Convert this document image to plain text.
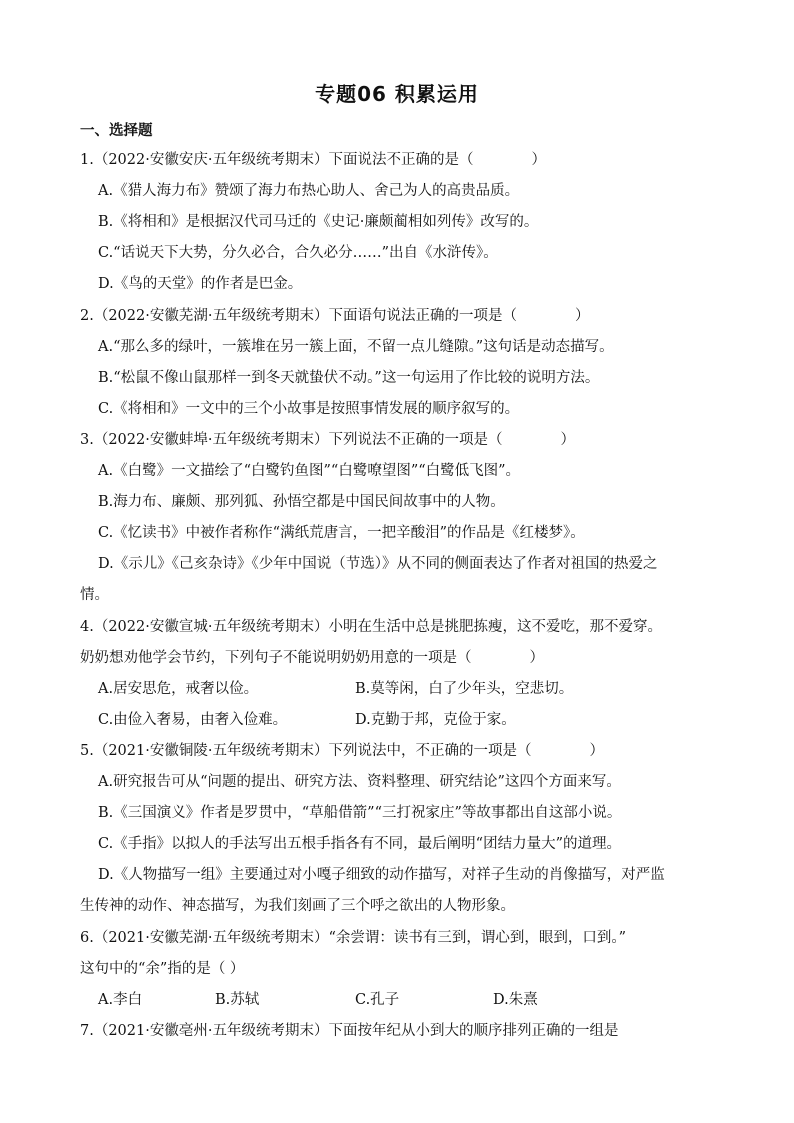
专题06 积累运用
一、选择题
1.（2022·安徽安庆·五年级统考期末）下面说法不正确的是（　　　　）
A.《猎人海力布》赞颂了海力布热心助人、舍己为人的高贵品质。
B.《将相和》是根据汉代司马迁的《史记·廉颇蔺相如列传》改写的。
C.“话说天下大势，分久必合，合久必分……”出自《水浒传》。
D.《鸟的天堂》的作者是巴金。
2.（2022·安徽芜湖·五年级统考期末）下面语句说法正确的一项是（　　　　）
A.“那么多的绿叶，一簇堆在另一簇上面，不留一点儿缝隙。”这句话是动态描写。
B.“松鼠不像山鼠那样一到冬天就蛰伏不动。”这一句运用了作比较的说明方法。
C.《将相和》一文中的三个小故事是按照事情发展的顺序叙写的。
3.（2022·安徽蚌埠·五年级统考期末）下列说法不正确的一项是（　　　　）
A.《白鹭》一文描绘了“白鹭钓鱼图”“白鹭嘹望图”“白鹭低飞图”。
B.海力布、廉颇、那列狐、孙悟空都是中国民间故事中的人物。
C.《忆读书》中被作者称作“满纸荒唐言，一把辛酸泪”的作品是《红楼梦》。
D.《示儿》《己亥杂诗》《少年中国说（节选）》从不同的侧面表达了作者对祖国的热爱之
情。
4.（2022·安徽宣城·五年级统考期末）小明在生活中总是挑肥拣瘦，这不爱吃，那不爱穿。
奶奶想劝他学会节约，下列句子不能说明奶奶用意的一项是（　　　　）
A.居安思危，戒奢以俭。	B.莫等闲，白了少年头，空悲切。
C.由俭入奢易，由奢入俭难。	D.克勤于邦，克俭于家。
5.（2021·安徽铜陵·五年级统考期末）下列说法中，不正确的一项是（　　　　）
A.研究报告可从“问题的提出、研究方法、资料整理、研究结论”这四个方面来写。
B.《三国演义》作者是罗贯中，“草船借箭”“三打祝家庄”等故事都出自这部小说。
C.《手指》以拟人的手法写出五根手指各有不同，最后阐明“团结力量大”的道理。
D.《人物描写一组》主要通过对小嘎子细致的动作描写，对祥子生动的肖像描写，对严监
生传神的动作、神态描写，为我们刻画了三个呼之欲出的人物形象。
6.（2021·安徽芜湖·五年级统考期末）“余尝谓：读书有三到，谓心到，眼到，口到。”
这句中的“余”指的是（ ）
A.李白	B.苏轼	C.孔子	D.朱熹
7.（2021·安徽亳州·五年级统考期末）下面按年纪从小到大的顺序排列正确的一组是
